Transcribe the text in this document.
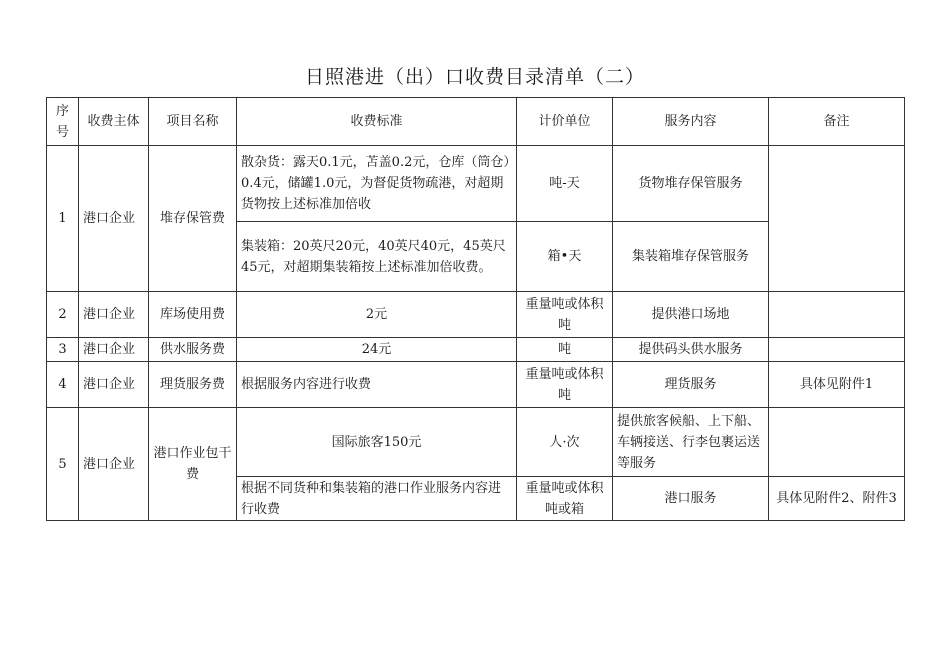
日照港进（出）口收费目录清单（二）
序号	收费主体	项目名称	收费标准	计价单位	服务内容	备注
1	港口企业	堆存保管费	散杂货：露天0.1元，苫盖0.2元，仓库（筒仓）0.4元，储罐1.0元，为督促货物疏港，对超期货物按上述标准加倍收	吨-天	货物堆存保管服务	
			集装箱：20英尺20元，40英尺40元，45英尺45元，对超期集装箱按上述标准加倍收费。	箱•天	集装箱堆存保管服务	
2	港口企业	库场使用费	2元	重量吨或体积吨	提供港口场地	
3	港口企业	供水服务费	24元	吨	提供码头供水服务	
4	港口企业	理货服务费	根据服务内容进行收费	重量吨或体积吨	理货服务	具体见附件1
5	港口企业	港口作业包干费	国际旅客150元	人·次	提供旅客候船、上下船、车辆接送、行李包裹运送等服务	
			根据不同货种和集装箱的港口作业服务内容进行收费	重量吨或体积吨或箱	港口服务	具体见附件2、附件3
